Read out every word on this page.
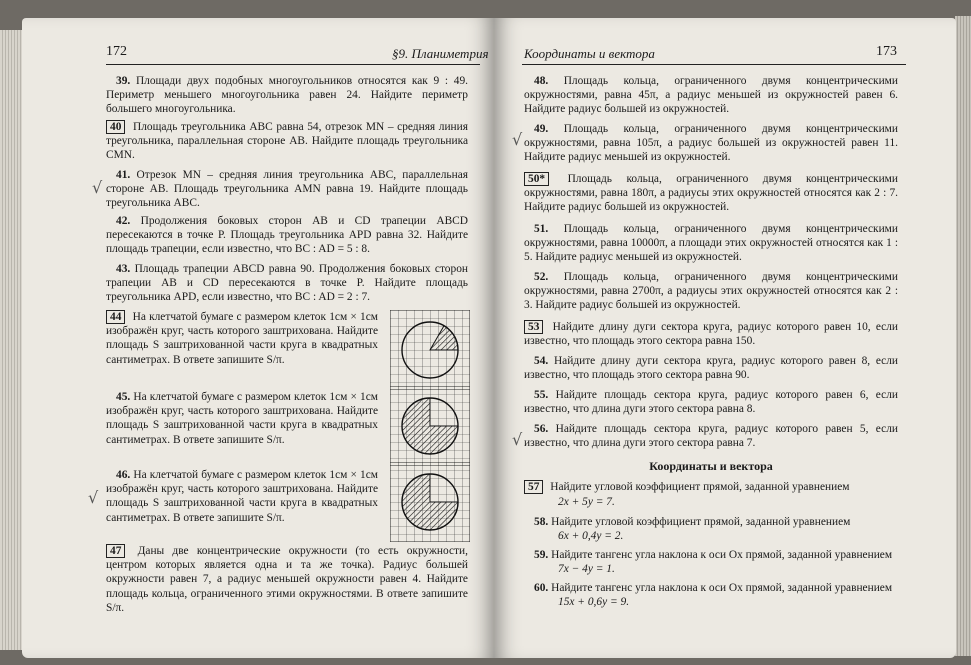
172	§9. Планиметрия
39. Площади двух подобных многоугольников относятся как 9 : 49. Периметр меньшего многоугольника равен 24. Найдите периметр большего многоугольника.
40 Площадь треугольника ABC равна 54, отрезок MN – средняя линия треугольника, параллельная стороне AB. Найдите площадь треугольника CMN.
41. Отрезок MN – средняя линия треугольника ABC, параллельная стороне AB. Площадь треугольника AMN равна 19. Найдите площадь треугольника ABC.
42. Продолжения боковых сторон AB и CD трапеции ABCD пересекаются в точке P. Площадь треугольника APD равна 32. Найдите площадь трапеции, если известно, что BC : AD = 5 : 8.
43. Площадь трапеции ABCD равна 90. Продолжения боковых сторон трапеции AB и CD пересекаются в точке P. Найдите площадь треугольника APD, если известно, что BC : AD = 2 : 7.
44 На клетчатой бумаге с размером клеток 1см × 1см изображён круг, часть которого заштрихована. Найдите площадь S заштрихованной части круга в квадратных сантиметрах. В ответе запишите S/π.
45. На клетчатой бумаге с размером клеток 1см × 1см изображён круг, часть которого заштрихована. Найдите площадь S заштрихованной части круга в квадратных сантиметрах. В ответе запишите S/π.
46. На клетчатой бумаге с размером клеток 1см × 1см изображён круг, часть которого заштрихована. Найдите площадь S заштрихованной части круга в квадратных сантиметрах. В ответе запишите S/π.
47 Даны две концентрические окружности (то есть окружности, центром которых является одна и та же точка). Радиус большей окружности равен 7, а радиус меньшей окружности равен 4. Найдите площадь кольца, ограниченного этими окружностями. В ответе запишите S/π.
√
√
Координаты и вектора	173
48. Площадь кольца, ограниченного двумя концентрическими окружностями, равна 45π, а радиус меньшей из окружностей равен 6. Найдите радиус большей из окружностей.
49. Площадь кольца, ограниченного двумя концентрическими окружностями, равна 105π, а радиус большей из окружностей равен 11. Найдите радиус меньшей из окружностей.
50* Площадь кольца, ограниченного двумя концентрическими окружностями, равна 180π, а радиусы этих окружностей относятся как 2 : 7. Найдите радиус большей из окружностей.
51. Площадь кольца, ограниченного двумя концентрическими окружностями, равна 10000π, а площади этих окружностей относятся как 1 : 5. Найдите радиус меньшей из окружностей.
52. Площадь кольца, ограниченного двумя концентрическими окружностями, равна 2700π, а радиусы этих окружностей относятся как 2 : 3. Найдите радиус большей из окружностей.
53 Найдите длину дуги сектора круга, радиус которого равен 10, если известно, что площадь этого сектора равна 150.
54. Найдите длину дуги сектора круга, радиус которого равен 8, если известно, что площадь этого сектора равна 90.
55. Найдите площадь сектора круга, радиус которого равен 6, если известно, что длина дуги этого сектора равна 8.
56. Найдите площадь сектора круга, радиус которого равен 5, если известно, что длина дуги этого сектора равна 7.
Координаты и вектора
57 Найдите угловой коэффициент прямой, заданной уравнением
2x + 5y = 7.
58. Найдите угловой коэффициент прямой, заданной уравнением
6x + 0,4y = 2.
59. Найдите тангенс угла наклона к оси Ox прямой, заданной уравнением
7x − 4y = 1.
60. Найдите тангенс угла наклона к оси Ox прямой, заданной уравнением
15x + 0,6y = 9.
√
√
